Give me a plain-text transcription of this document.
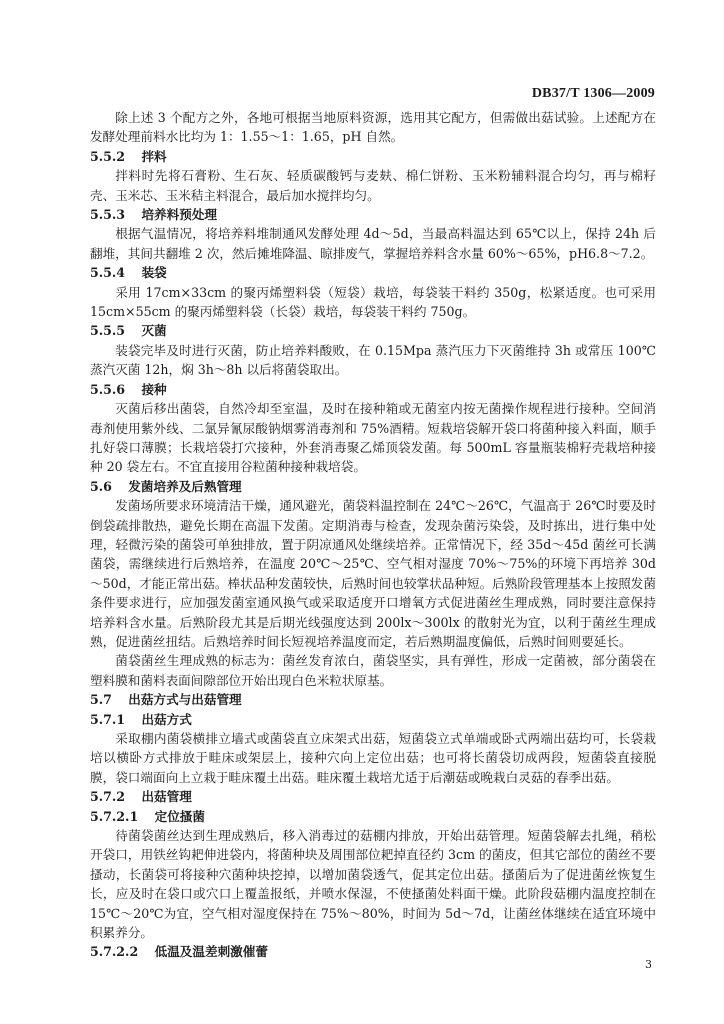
DB37/T 1306—2009

除上述 3 个配方之外，各地可根据当地原料资源，选用其它配方，但需做出菇试验。上述配方在发酵处理前料水比均为 1：1.55～1：1.65，pH 自然。

5.5.2 拌料

拌料时先将石膏粉、生石灰、轻质碳酸钙与麦麸、棉仁饼粉、玉米粉辅料混合均匀，再与棉籽壳、玉米芯、玉米秸主料混合，最后加水搅拌均匀。

5.5.3 培养料预处理

根据气温情况，将培养料堆制通风发酵处理 4d～5d，当最高料温达到 65℃以上，保持 24h 后翻堆，其间共翻堆 2 次，然后摊堆降温、晾排废气，掌握培养料含水量 60%～65%，pH6.8～7.2。

5.5.4 装袋

采用 17cm×33cm 的聚丙烯塑料袋（短袋）栽培，每袋装干料约 350g，松紧适度。也可采用 15cm×55cm 的聚丙烯塑料袋（长袋）栽培，每袋装干料约 750g。

5.5.5 灭菌

装袋完毕及时进行灭菌，防止培养料酸败，在 0.15Mpa 蒸汽压力下灭菌维持 3h 或常压 100℃蒸汽灭菌 12h，焖 3h～8h 以后将菌袋取出。

5.5.6 接种

灭菌后移出菌袋，自然冷却至室温，及时在接种箱或无菌室内按无菌操作规程进行接种。空间消毒剂使用紫外线、二氯异氰尿酸钠烟雾消毒剂和 75%酒精。短栽培袋解开袋口将菌种接入料面，顺手扎好袋口薄膜；长栽培袋打穴接种，外套消毒聚乙烯顶袋发菌。每 500mL 容量瓶装棉籽壳栽培种接种 20 袋左右。不宜直接用谷粒菌种接种栽培袋。

5.6 发菌培养及后熟管理

发菌场所要求环境清洁干燥，通风避光，菌袋料温控制在 24℃～26℃，气温高于 26℃时要及时倒袋疏排散热，避免长期在高温下发菌。定期消毒与检查，发现杂菌污染袋，及时拣出，进行集中处理，轻微污染的菌袋可单独排放，置于阴凉通风处继续培养。正常情况下，经 35d～45d 菌丝可长满菌袋，需继续进行后熟培养，在温度 20℃～25℃、空气相对湿度 70%～75%的环境下再培养 30d～50d，才能正常出菇。棒状品种发菌较快，后熟时间也较掌状品种短。后熟阶段管理基本上按照发菌条件要求进行，应加强发菌室通风换气或采取适度开口增氧方式促进菌丝生理成熟，同时要注意保持培养料含水量。后熟阶段尤其是后期光线强度达到 200lx～300lx 的散射光为宜，以利于菌丝生理成熟，促进菌丝扭结。后熟培养时间长短视培养温度而定，若后熟期温度偏低，后熟时间则要延长。

菌袋菌丝生理成熟的标志为：菌丝发育浓白，菌袋坚实，具有弹性，形成一定菌被，部分菌袋在塑料膜和菌料表面间隙部位开始出现白色米粒状原基。

5.7 出菇方式与出菇管理

5.7.1 出菇方式

采取棚内菌袋横排立墙式或菌袋直立床架式出菇，短菌袋立式单端或卧式两端出菇均可，长袋栽培以横卧方式排放于畦床或架层上，接种穴向上定位出菇；也可将长菌袋切成两段，短菌袋直接脱膜，袋口端面向上立栽于畦床覆土出菇。畦床覆土栽培尤适于后潮菇或晚栽白灵菇的春季出菇。

5.7.2 出菇管理

5.7.2.1 定位搔菌

待菌袋菌丝达到生理成熟后，移入消毒过的菇棚内排放，开始出菇管理。短菌袋解去扎绳，稍松开袋口，用铁丝钩耙伸进袋内，将菌种块及周围部位耙掉直径约 3cm 的菌皮，但其它部位的菌丝不要搔动，长菌袋可将接种穴菌种块挖掉，以增加菌袋透气，促其定位出菇。搔菌后为了促进菌丝恢复生长，应及时在袋口或穴口上覆盖报纸，并喷水保湿，不使搔菌处料面干燥。此阶段菇棚内温度控制在 15℃～20℃为宜，空气相对湿度保持在 75%～80%，时间为 5d～7d，让菌丝体继续在适宜环境中积累养分。

5.7.2.2 低温及温差刺激催蕾

3
